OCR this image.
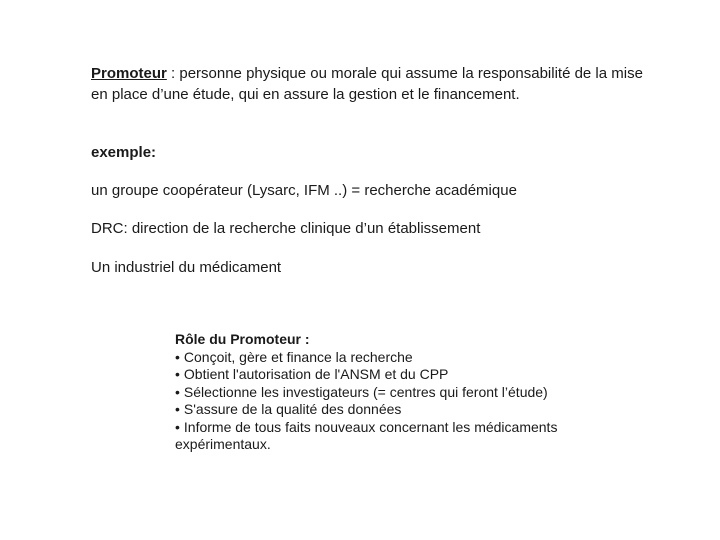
Promoteur : personne physique ou morale qui assume la responsabilité de la mise en place d’une étude, qui en assure la gestion et le financement.

exemple:
un groupe coopérateur (Lysarc, IFM ..) = recherche académique
DRC: direction de la recherche clinique d’un établissement
Un industriel du médicament
Rôle du Promoteur :
• Conçoit, gère et finance la recherche
• Obtient l'autorisation de l'ANSM et du CPP
• Sélectionne les investigateurs (= centres qui feront l’étude)
• S'assure de la qualité des données
• Informe de tous faits nouveaux concernant les médicaments expérimentaux.
